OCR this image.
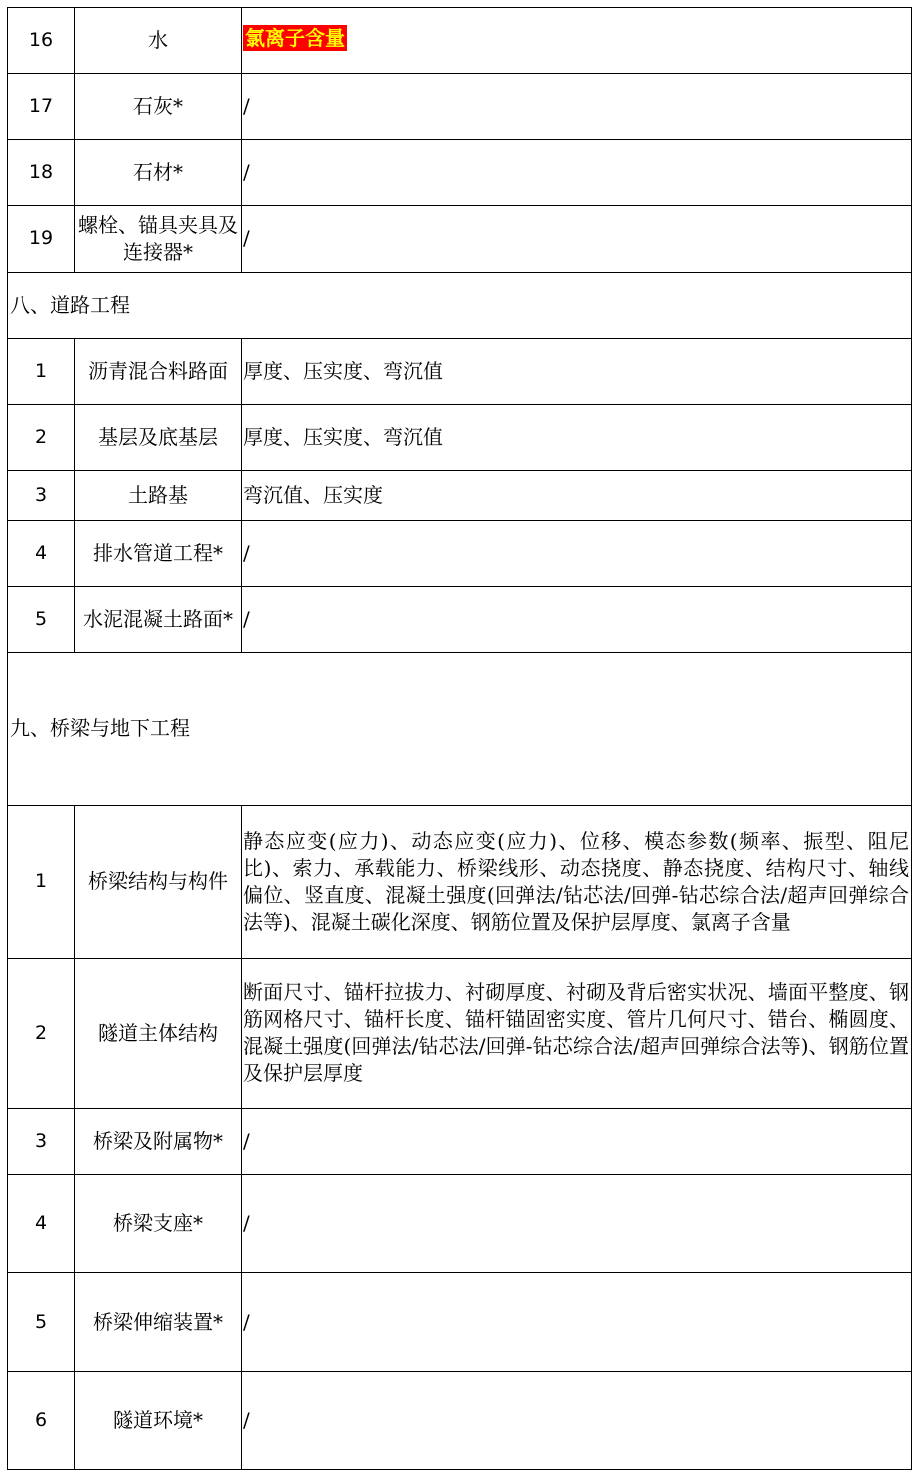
16	水	氯离子含量
17	石灰*	/
18	石材*	/
19	螺栓、锚具夹具及连接器*	/
八、道路工程		
1	沥青混合料路面	厚度、压实度、弯沉值
2	基层及底基层	厚度、压实度、弯沉值
3	土路基	弯沉值、压实度
4	排水管道工程*	/
5	水泥混凝土路面*	/
九、桥梁与地下工程		
1	桥梁结构与构件	静态应变(应力)、动态应变(应力)、位移、模态参数(频率、振型、阻尼比)、索力、承载能力、桥梁线形、动态挠度、静态挠度、结构尺寸、轴线偏位、竖直度、混凝土强度(回弹法/钻芯法/回弹-钻芯综合法/超声回弹综合法等)、混凝土碳化深度、钢筋位置及保护层厚度、氯离子含量
2	隧道主体结构	断面尺寸、锚杆拉拔力、衬砌厚度、衬砌及背后密实状况、墙面平整度、钢筋网格尺寸、锚杆长度、锚杆锚固密实度、管片几何尺寸、错台、椭圆度、混凝土强度(回弹法/钻芯法/回弹-钻芯综合法/超声回弹综合法等)、钢筋位置及保护层厚度
3	桥梁及附属物*	/
4	桥梁支座*	/
5	桥梁伸缩装置*	/
6	隧道环境*	/
